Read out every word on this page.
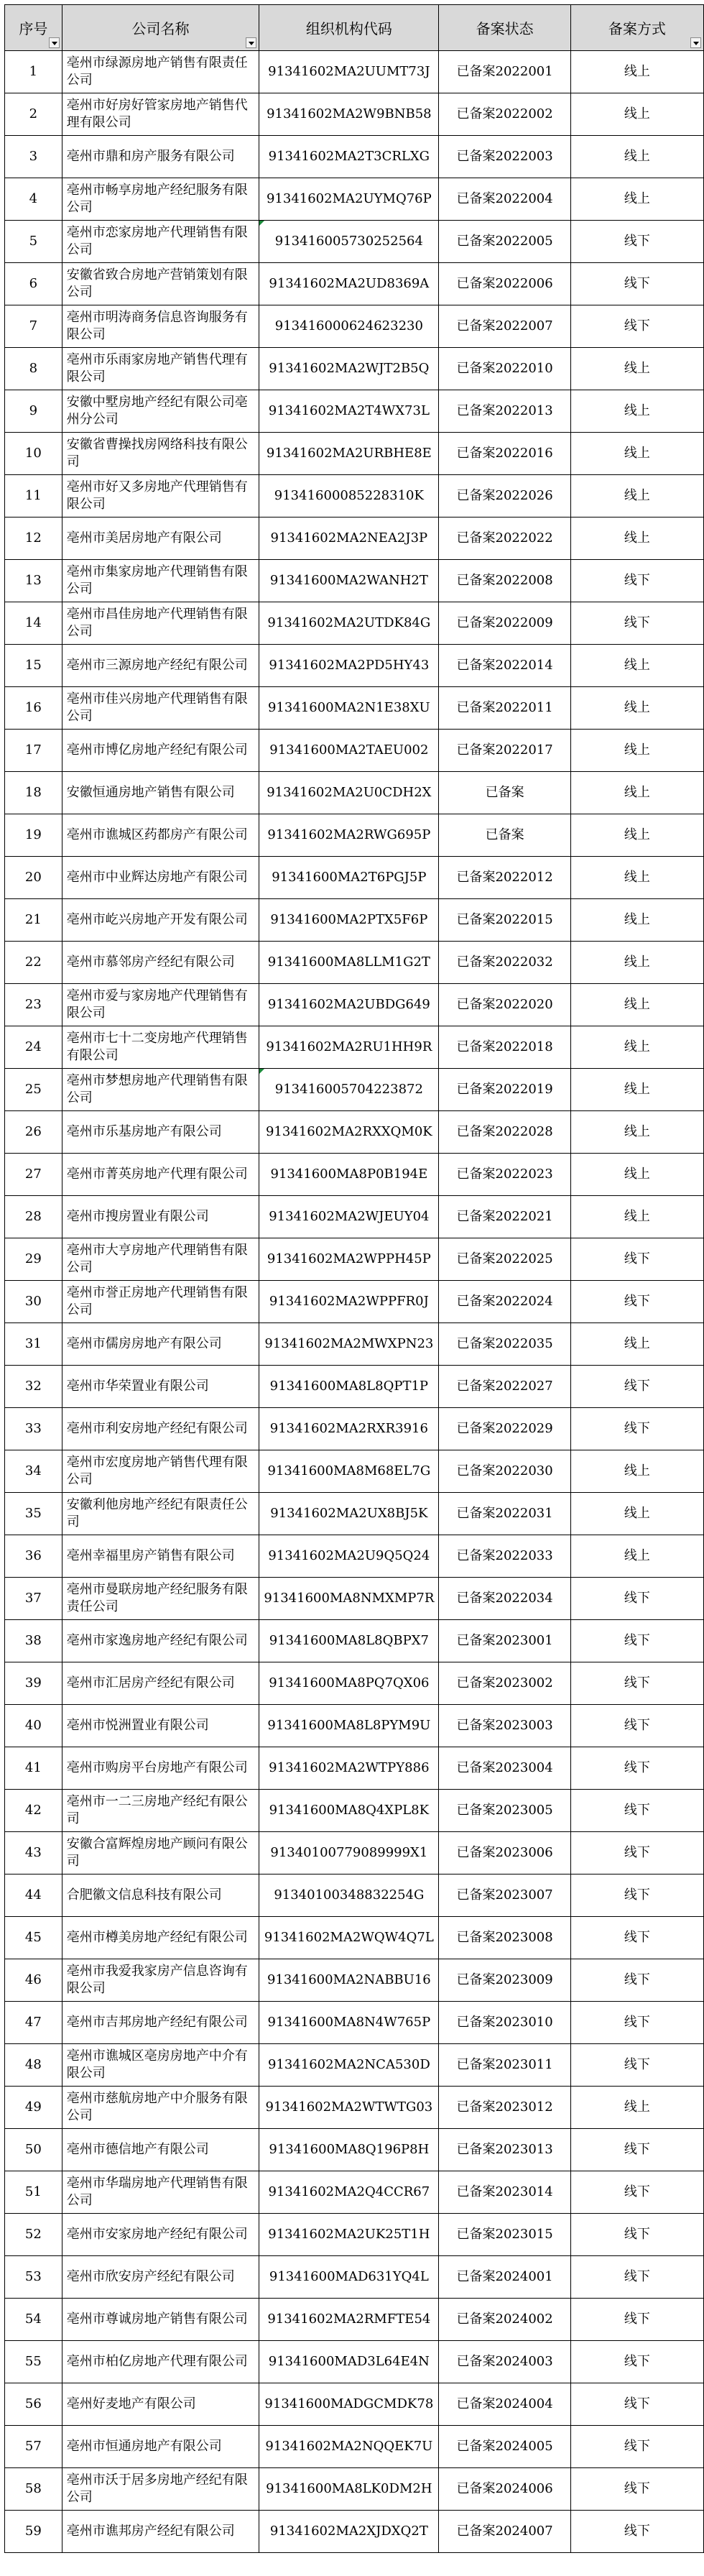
序号	公司名称	组织机构代码	备案状态	备案方式

1	亳州市绿源房地产销售有限责任公司	91341602MA2UUMT73J	已备案2022001	线上
2	亳州市好房好管家房地产销售代理有限公司	91341602MA2W9BNB58	已备案2022002	线上
3	亳州市鼎和房产服务有限公司	91341602MA2T3CRLXG	已备案2022003	线上
4	亳州市畅享房地产经纪服务有限公司	91341602MA2UYMQ76P	已备案2022004	线上
5	亳州市恋家房地产代理销售有限公司	91341600573025256​4	已备案2022005	线下
6	安徽省致合房地产营销策划有限公司	91341602MA2UD8369A	已备案2022006	线下
7	亳州市明涛商务信息咨询服务有限公司	913416000624623230	已备案2022007	线下
8	亳州市乐雨家房地产销售代理有限公司	91341602MA2WJT2B5Q	已备案2022010	线上
9	安徽中墅房地产经纪有限公司亳州分公司	91341602MA2T4WX73L	已备案2022013	线上
10	安徽省曹操找房网络科技有限公司	91341602MA2URBHE8E	已备案2022016	线上
11	亳州市好又多房地产代理销售有限公司	91341600085228310K	已备案2022026	线上
12	亳州市美居房地产有限公司	91341602MA2NEA2J3P	已备案2022022	线上
13	亳州市集家房地产代理销售有限公司	91341600MA2WANH2T	已备案2022008	线下
14	亳州市昌佳房地产代理销售有限公司	91341602MA2UTDK84G	已备案2022009	线下
15	亳州市三源房地产经纪有限公司	91341602MA2PD5HY43	已备案2022014	线上
16	亳州市佳兴房地产代理销售有限公司	91341600MA2N1E38XU	已备案2022011	线上
17	亳州市博亿房地产经纪有限公司	91341600MA2TAEU002	已备案2022017	线上
18	安徽恒通房地产销售有限公司	91341602MA2U0CDH2X	已备案	线上
19	亳州市谯城区药都房产有限公司	91341602MA2RWG695P	已备案	线上
20	亳州市中业辉达房地产有限公司	91341600MA2T6PGJ5P	已备案2022012	线上
21	亳州市屹兴房地产开发有限公司	91341600MA2PTX5F6P	已备案2022015	线上
22	亳州市慕邻房产经纪有限公司	91341600MA8LLM1G2T	已备案2022032	线上
23	亳州市爱与家房地产代理销售有限公司	91341602MA2UBDG649	已备案2022020	线上
24	亳州市七十二变房地产代理销售有限公司	91341602MA2RU1HH9R	已备案2022018	线上
25	亳州市梦想房地产代理销售有限公司	913416005704223872	已备案2022019	线上
26	亳州市乐基房地产有限公司	91341602MA2RXXQM0K	已备案2022028	线上
27	亳州市菁英房地产代理有限公司	91341600MA8P0B194E	已备案2022023	线上
28	亳州市搜房置业有限公司	91341602MA2WJEUY04	已备案2022021	线上
29	亳州市大亨房地产代理销售有限公司	91341602MA2WPPH45P	已备案2022025	线下
30	亳州市誉正房地产代理销售有限公司	91341602MA2WPPFR0J	已备案2022024	线下
31	亳州市儒房房地产有限公司	91341602MA2MWXPN23	已备案2022035	线上
32	亳州市华荣置业有限公司	91341600MA8L8QPT1P	已备案2022027	线下
33	亳州市利安房地产经纪有限公司	91341602MA2RXR3916	已备案2022029	线下
34	亳州市宏度房地产销售代理有限公司	91341600MA8M68EL7G	已备案2022030	线上
35	安徽利他房地产经纪有限责任公司	91341602MA2UX8BJ5K	已备案2022031	线上
36	亳州幸福里房产销售有限公司	91341602MA2U9Q5Q24	已备案2022033	线上
37	亳州市曼联房地产经纪服务有限责任公司	91341600MA8NMXMP7R	已备案2022034	线下
38	亳州市家逸房地产经纪有限公司	91341600MA8L8QBPX7	已备案2023001	线下
39	亳州市汇居房产经纪有限公司	91341600MA8PQ7QX06	已备案2023002	线下
40	亳州市悦洲置业有限公司	91341600MA8L8PYM9U	已备案2023003	线下
41	亳州市购房平台房地产有限公司	91341602MA2WTPY886	已备案2023004	线下
42	亳州市一二三房地产经纪有限公司	91341600MA8Q4XPL8K	已备案2023005	线下
43	安徽合富辉煌房地产顾问有限公司	91340100779089999X1	已备案2023006	线下
44	合肥徽文信息科技有限公司	91340100348832254G	已备案2023007	线下
45	亳州市樽美房地产经纪有限公司	91341602MA2WQW4Q7L	已备案2023008	线下
46	亳州市我爱我家房产信息咨询有限公司	91341600MA2NABBU16	已备案2023009	线下
47	亳州市吉邦房地产经纪有限公司	91341600MA8N4W765P	已备案2023010	线下
48	亳州市谯城区亳房房地产中介有限公司	91341602MA2NCA530D	已备案2023011	线下
49	亳州市慈航房地产中介服务有限公司	91341602MA2WTWTG03	已备案2023012	线上
50	亳州市德信地产有限公司	91341600MA8Q196P8H	已备案2023013	线下
51	亳州市华瑞房地产代理销售有限公司	91341602MA2Q4CCR67	已备案2023014	线下
52	亳州市安家房地产经纪有限公司	91341602MA2UK25T1H	已备案2023015	线下
53	亳州市欣安房产经纪有限公司	91341600MAD631YQ4L	已备案2024001	线下
54	亳州市尊诚房地产销售有限公司	91341602MA2RMFTE54	已备案2024002	线下
55	亳州市柏亿房地产代理有限公司	91341600MAD3L64E4N	已备案2024003	线下
56	亳州好麦地产有限公司	91341600MADGCMDK78	已备案2024004	线下
57	亳州市恒通房地产有限公司	91341602MA2NQQEK7U	已备案2024005	线下
58	亳州市沃于居多房地产经纪有限公司	91341600MA8LK0DM2H	已备案2024006	线下
59	亳州市谯邦房产经纪有限公司	91341602MA2XJDXQ2T	已备案2024007	线下
